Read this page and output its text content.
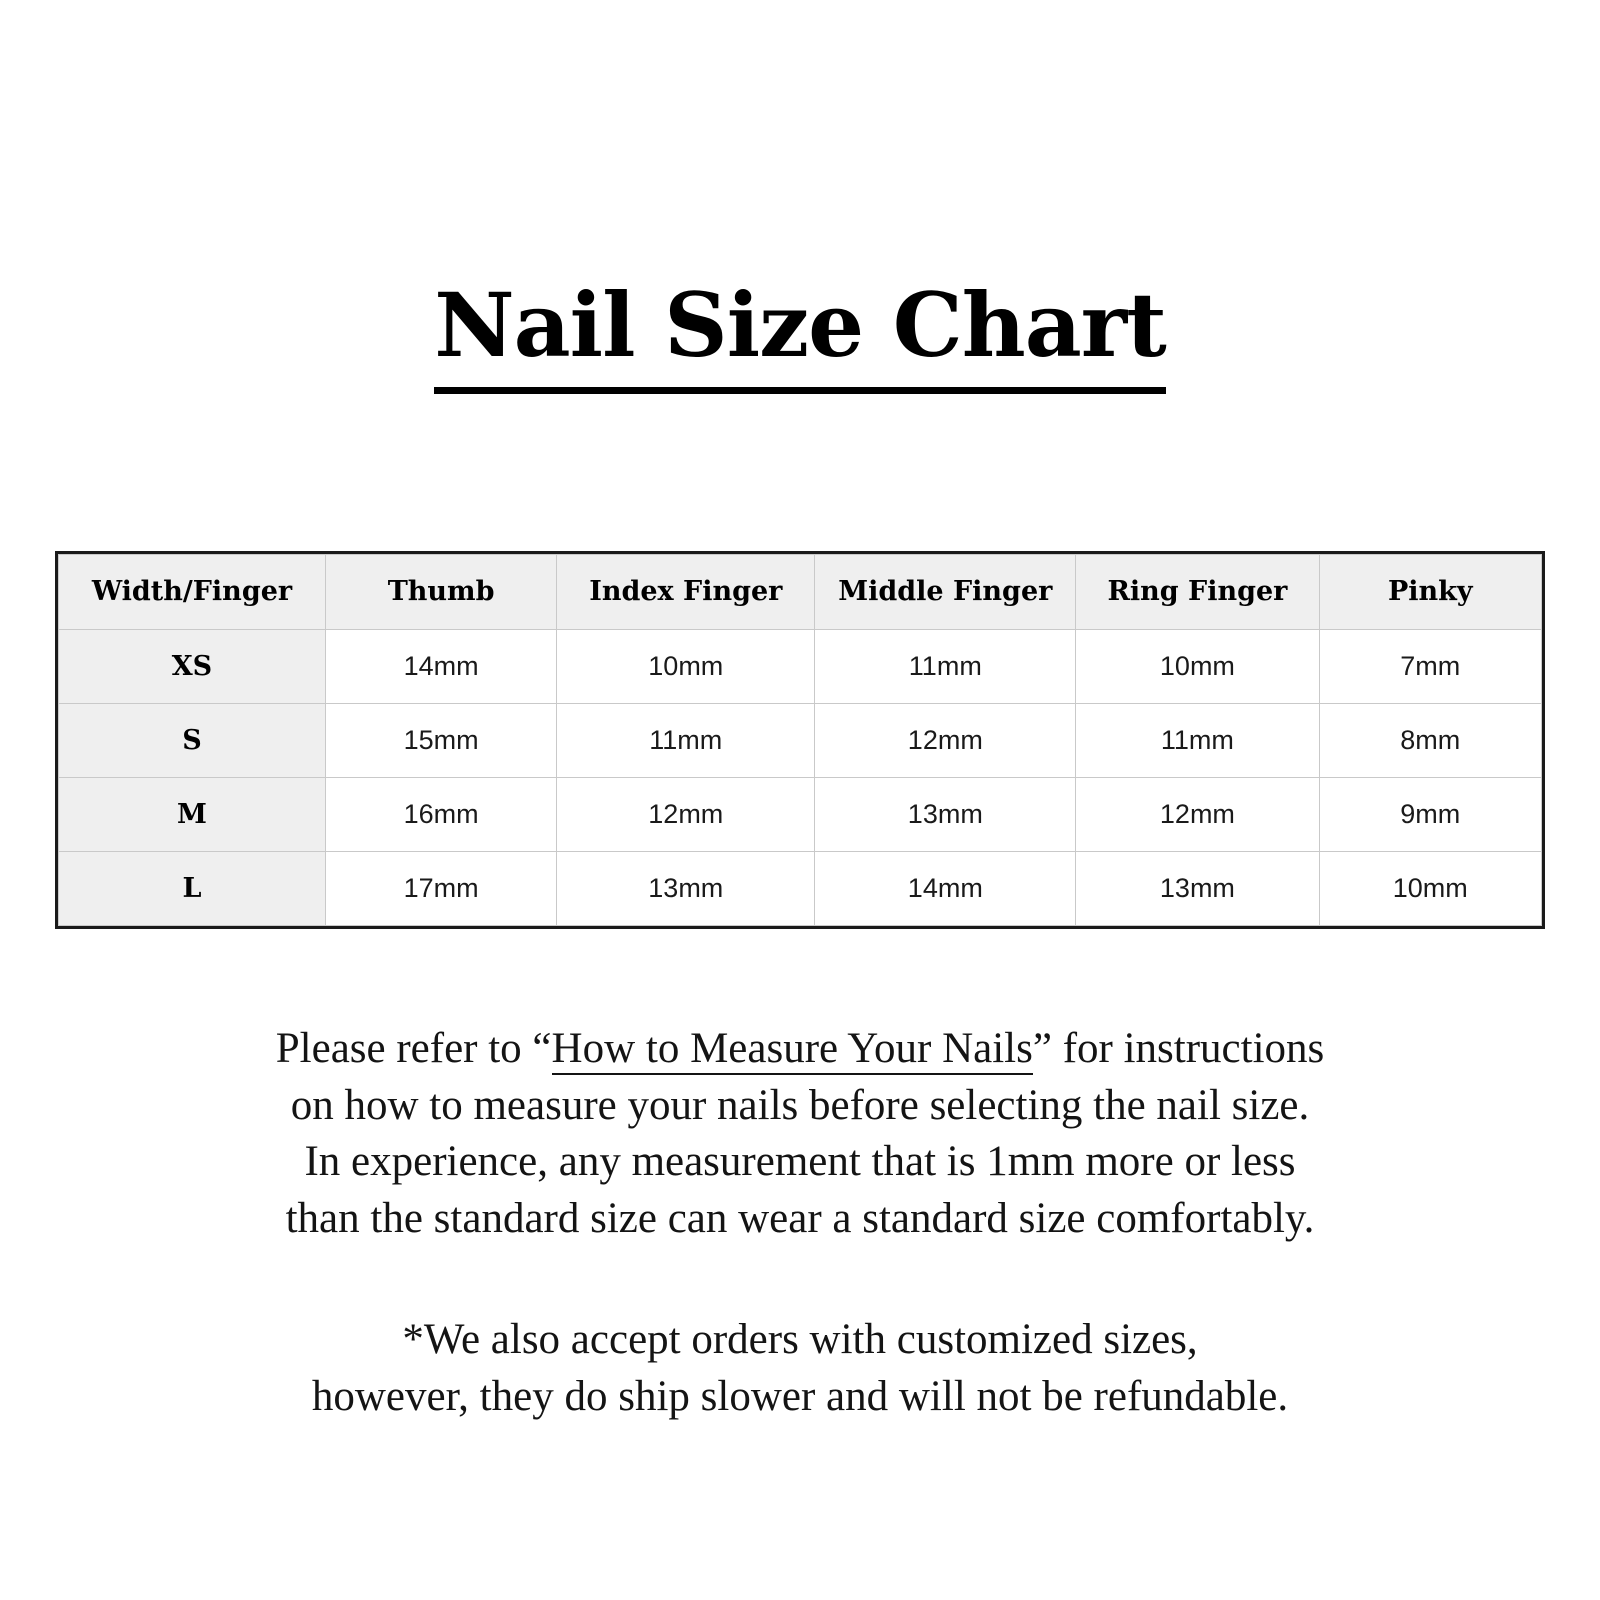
Nail Size Chart
Width/Finger	Thumb	Index Finger	Middle Finger	Ring Finger	Pinky
XS	14mm	10mm	11mm	10mm	7mm
S	15mm	11mm	12mm	11mm	8mm
M	16mm	12mm	13mm	12mm	9mm
L	17mm	13mm	14mm	13mm	10mm

Please refer to “How to Measure Your Nails” for instructions

on how to measure your nails before selecting the nail size.

In experience, any measurement that is 1mm more or less

than the standard size can wear a standard size comfortably.

*We also accept orders with customized sizes,

however, they do ship slower and will not be refundable.
